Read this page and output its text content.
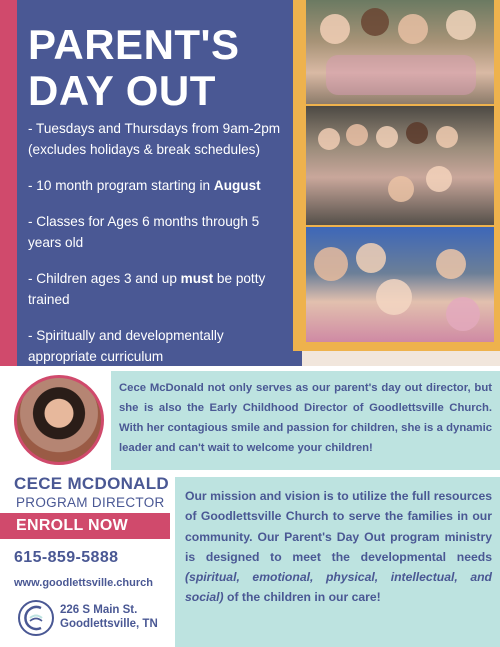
PARENT'S
DAY OUT
- Tuesdays and Thursdays from 9am-2pm (excludes holidays & break schedules)
- 10 month program starting in August
- Classes for Ages 6 months through 5 years old
- Children ages 3 and up must be potty trained
- Spiritually and developmentally appropriate curriculum

Cece McDonald not only serves as our parent's day out director, but she is also the Early Childhood Director of Goodlettsville Church. With her contagious smile and passion for children, she is a dynamic leader and can't wait to welcome your children!

CECE MCDONALD
PROGRAM DIRECTOR
ENROLL NOW
615-859-5888
www.goodlettsville.church
226 S Main St.
Goodlettsville, TN

Our mission and vision is to utilize the full resources of Goodlettsville Church to serve the families in our community. Our Parent's Day Out program ministry is designed to meet the developmental needs (spiritual, emotional, physical, intellectual, and social) of the children in our care!
